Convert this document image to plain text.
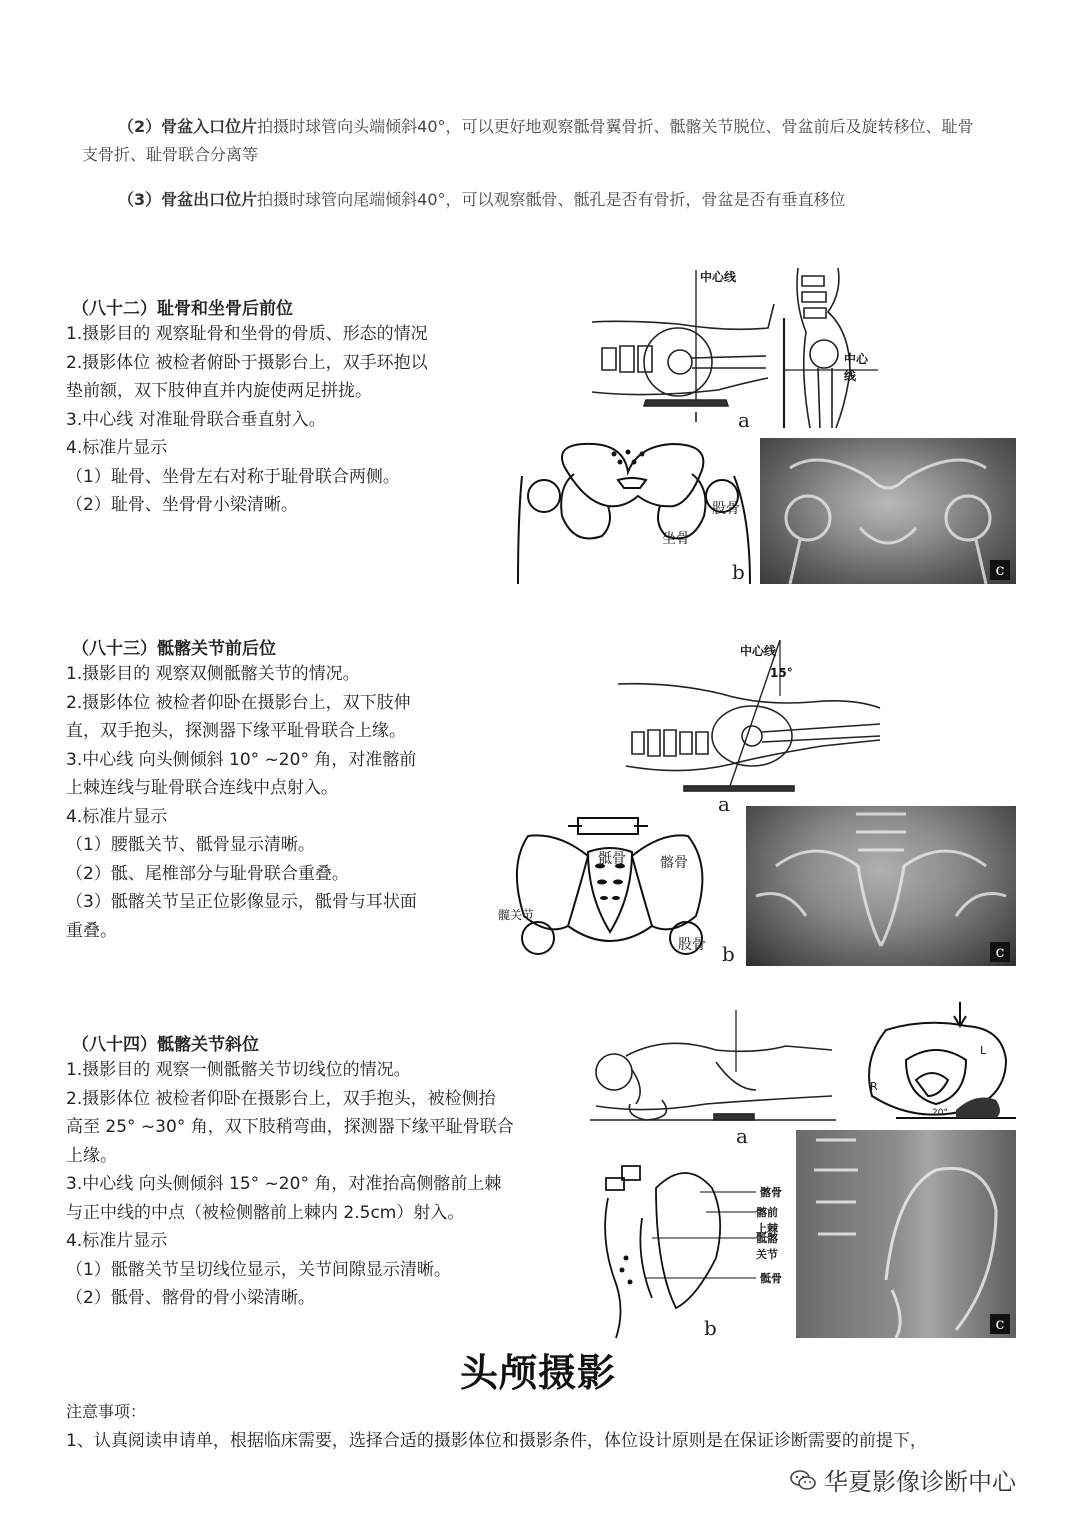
（2）骨盆入口位片拍摄时球管向头端倾斜40°，可以更好地观察骶骨翼骨折、骶髂关节脱位、骨盆前后及旋转移位、耻骨
支骨折、耻骨联合分离等
（3）骨盆出口位片拍摄时球管向尾端倾斜40°，可以观察骶骨、骶孔是否有骨折，骨盆是否有垂直移位
（八十二）耻骨和坐骨后前位
1.摄影目的 观察耻骨和坐骨的骨质、形态的情况
2.摄影体位 被检者俯卧于摄影台上，双手环抱以
垫前额，双下肢伸直并内旋使两足拼拢。
3.中心线 对准耻骨联合垂直射入。
4.标准片显示
（1）耻骨、坐骨左右对称于耻骨联合两侧。
（2）耻骨、坐骨骨小梁清晰。
中心线
中心线
a
股骨
坐骨
b	c
（八十三）骶髂关节前后位
1.摄影目的 观察双侧骶髂关节的情况。
2.摄影体位 被检者仰卧在摄影台上，双下肢伸
直，双手抱头，探测器下缘平耻骨联合上缘。
3.中心线 向头侧倾斜 10° ~20° 角，对准髂前
上棘连线与耻骨联合连线中点射入。
4.标准片显示
（1）腰骶关节、骶骨显示清晰。
（2）骶、尾椎部分与耻骨联合重叠。
（3）骶髂关节呈正位影像显示，骶骨与耳状面
重叠。
中心线
15°
a
骶骨 髂骨
髋关节
股骨 b	c
（八十四）骶髂关节斜位
1.摄影目的 观察一侧骶髂关节切线位的情况。
2.摄影体位 被检者仰卧在摄影台上，双手抱头，被检侧抬
高至 25° ~30° 角，双下肢稍弯曲，探测器下缘平耻骨联合
上缘。
3.中心线 向头侧倾斜 15° ~20° 角，对准抬高侧髂前上棘
与正中线的中点（被检侧髂前上棘内 2.5cm）射入。
4.标准片显示
（1）骶髂关节呈切线位显示，关节间隙显示清晰。
（2）骶骨、髂骨的骨小梁清晰。
a
L
R
20°
髂骨
髂前上棘
骶髂关节
骶骨
b	c
头颅摄影
注意事项：
1、认真阅读申请单，根据临床需要，选择合适的摄影体位和摄影条件，体位设计原则是在保证诊断需要的前提下，
华夏影像诊断中心
